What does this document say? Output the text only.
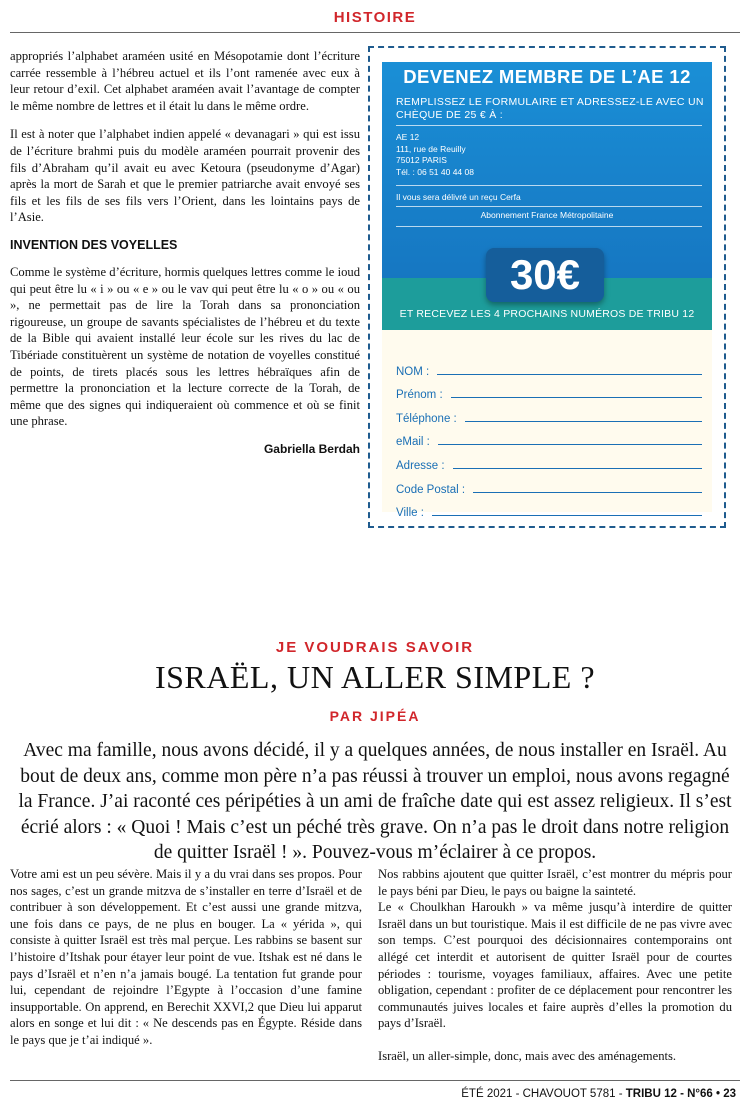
HISTOIRE

appropriés l’alphabet araméen usité en Mésopotamie dont l’écriture carrée ressemble à l’hébreu actuel et ils l’ont ramenée avec eux à leur retour d’exil. Cet alphabet araméen avait l’avantage de compter le même nombre de lettres et il était lu dans le même ordre.

Il est à noter que l’alphabet indien appelé « devanagari » qui est issu de l’écriture brahmi puis du modèle araméen pourrait provenir des fils d’Abraham qu’il avait eu avec Ketoura (pseudonyme d’Agar) après la mort de Sarah et que le premier patriarche avait envoyé ses fils et les fils de ses fils vers l’Orient, dans les lointains pays de l’Asie.

INVENTION DES VOYELLES

Comme le système d’écriture, hormis quelques lettres comme le ioud qui peut être lu « i » ou « e » ou le vav qui peut être lu « o » ou « ou », ne permettait pas de lire la Torah dans sa prononciation rigoureuse, un groupe de savants spécialistes de l’hébreu et du texte de la Bible qui avaient installé leur école sur les rives du lac de Tibériade constituèrent un système de notation de voyelles constitué de points, de tirets placés sous les lettres hébraïques afin de permettre la prononciation et la lecture correcte de la Torah, de même que des signes qui indiqueraient où commence et où se finit une phrase.

Gabriella Berdah
DEVENEZ MEMBRE DE L’AE 12
REMPLISSEZ LE FORMULAIRE ET ADRESSEZ-LE AVEC UN CHÈQUE DE 25 € À :
AE 12
111, rue de Reuilly
75012 PARIS
Tél. : 06 51 40 44 08
Il vous sera délivré un reçu Cerfa
Abonnement France Métropolitaine
ET RECEVEZ LES 4 PROCHAINS NUMÉROS DE TRIBU 12
30€
NOM :
Prénom :
Téléphone :
eMail :
Adresse :
Code Postal :
Ville :
JE VOUDRAIS SAVOIR
ISRAËL, UN ALLER SIMPLE ?
PAR JIPÉA
Avec ma famille, nous avons décidé, il y a quelques années, de nous installer en Israël. Au bout de deux ans, comme mon père n’a pas réussi à trouver un emploi, nous avons regagné la France. J’ai raconté ces péripéties à un ami de fraîche date qui est assez religieux. Il s’est écrié alors : « Quoi ! Mais c’est un péché très grave. On n’a pas le droit dans notre religion de quitter Israël ! ». Pouvez-vous m’éclairer à ce propos.

Votre ami est un peu sévère. Mais il y a du vrai dans ses propos. Pour nos sages, c’est un grande mitzva de s’installer en terre d’Israël et de contribuer à son développement. Et c’est aussi une grande mitzva, une fois dans ce pays, de ne plus en bouger. La « yérida », qui consiste à quitter Israël est très mal perçue. Les rabbins se basent sur l’histoire d’Itshak pour étayer leur point de vue. Itshak est né dans le pays d’Israël et n’en n’a jamais bougé. La tentation fut grande pour lui, cependant de rejoindre l’Egypte à l’occasion d’une famine insupportable. On apprend, en Berechit XXVI,2 que Dieu lui apparut alors en songe et lui dit : « Ne descends pas en Égypte. Réside dans le pays que je t’ai indiqué ».

Nos rabbins ajoutent que quitter Israël, c’est montrer du mépris pour le pays béni par Dieu, le pays ou baigne la sainteté.
Le « Choulkhan Haroukh » va même jusqu’à interdire de quitter Israël dans un but touristique. Mais il est difficile de ne pas vivre avec son temps. C’est pourquoi des décisionnaires contemporains ont allégé cet interdit et autorisent de quitter Israël pour de courtes périodes : tourisme, voyages familiaux, affaires. Avec une petite obligation, cependant : profiter de ce déplacement pour rencontrer les communautés juives locales et faire auprès d’elles la promotion du pays d’Israël.

Israël, un aller-simple, donc, mais avec des aménagements.

ÉTÉ 2021 - CHAVOUOT 5781 - TRIBU 12 - N°66 • 23
